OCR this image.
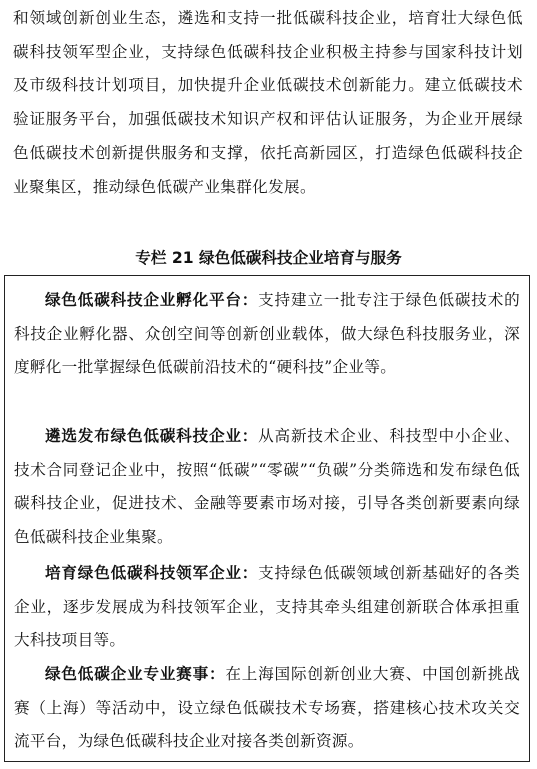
和领域创新创业生态，遴选和支持一批低碳科技企业，培育壮大绿色低碳科技领军型企业，支持绿色低碳科技企业积极主持参与国家科技计划及市级科技计划项目，加快提升企业低碳技术创新能力。建立低碳技术验证服务平台，加强低碳技术知识产权和评估认证服务，为企业开展绿色低碳技术创新提供服务和支撑，依托高新园区，打造绿色低碳科技企业聚集区，推动绿色低碳产业集群化发展。

专栏 21 绿色低碳科技企业培育与服务

绿色低碳科技企业孵化平台：支持建立一批专注于绿色低碳技术的科技企业孵化器、众创空间等创新创业载体，做大绿色科技服务业，深度孵化一批掌握绿色低碳前沿技术的“硬科技”企业等。

遴选发布绿色低碳科技企业：从高新技术企业、科技型中小企业、技术合同登记企业中，按照“低碳”“零碳”“负碳”分类筛选和发布绿色低碳科技企业，促进技术、金融等要素市场对接，引导各类创新要素向绿色低碳科技企业集聚。

培育绿色低碳科技领军企业：支持绿色低碳领域创新基础好的各类企业，逐步发展成为科技领军企业，支持其牵头组建创新联合体承担重大科技项目等。

绿色低碳企业专业赛事：在上海国际创新创业大赛、中国创新挑战赛（上海）等活动中，设立绿色低碳技术专场赛，搭建核心技术攻关交流平台，为绿色低碳科技企业对接各类创新资源。
